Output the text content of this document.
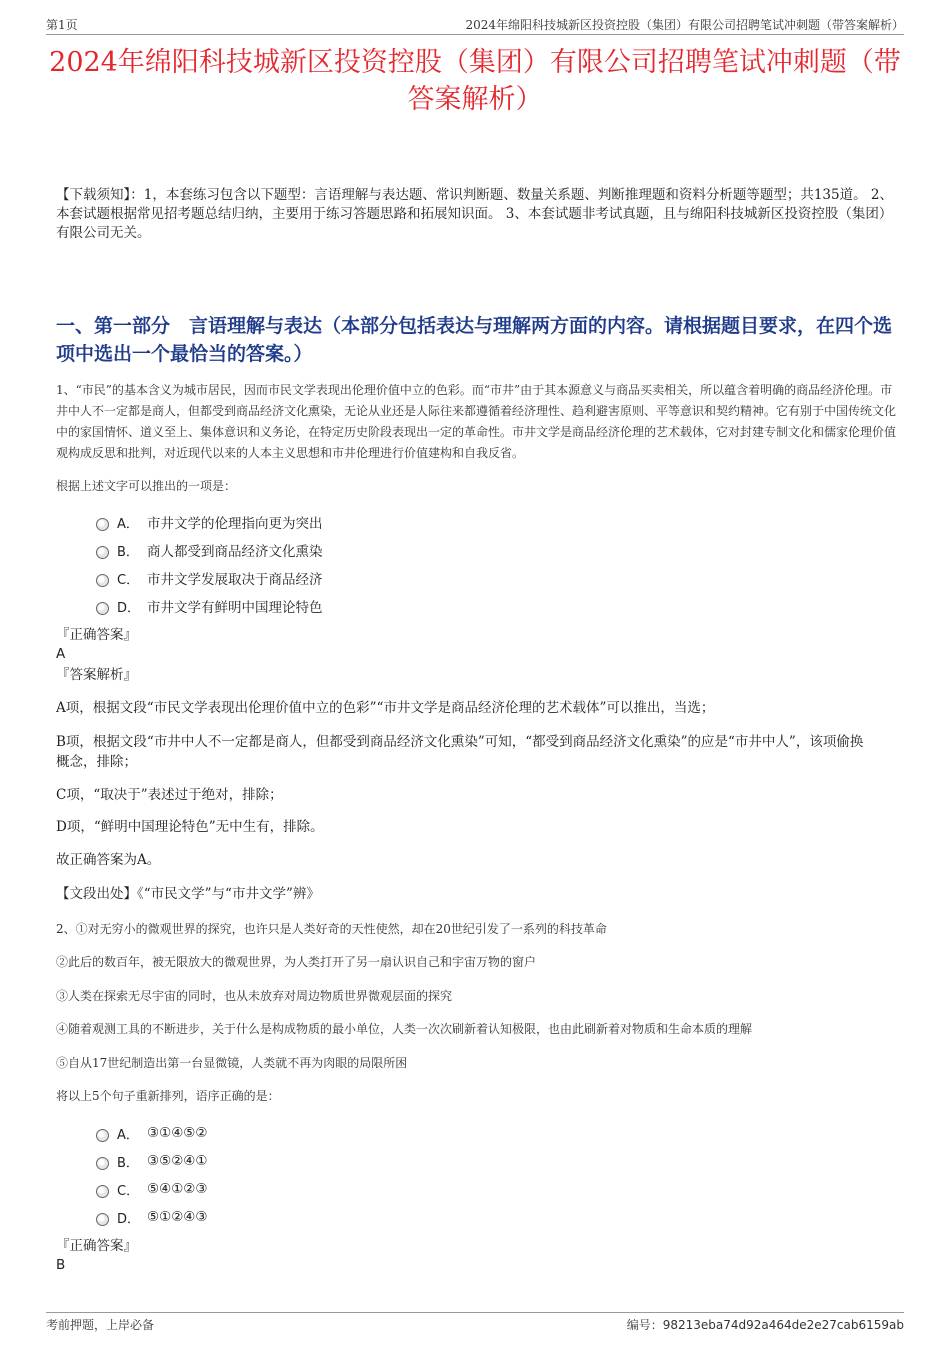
第1页	2024年绵阳科技城新区投资控股（集团）有限公司招聘笔试冲刺题（带答案解析）
2024年绵阳科技城新区投资控股（集团）有限公司招聘笔试冲刺题（带答案解析）

【下载须知】：1，本套练习包含以下题型：言语理解与表达题、常识判断题、数量关系题、判断推理题和资料分析题等题型；共135道。 2、本套试题根据常见招考题总结归纳，主要用于练习答题思路和拓展知识面。 3、本套试题非考试真题，且与绵阳科技城新区投资控股（集团）有限公司无关。

一、第一部分　言语理解与表达（本部分包括表达与理解两方面的内容。请根据题目要求，在四个选项中选出一个最恰当的答案。）

1、“市民”的基本含义为城市居民，因而市民文学表现出伦理价值中立的色彩。而“市井”由于其本源意义与商品买卖相关，所以蕴含着明确的商品经济伦理。市井中人不一定都是商人，但都受到商品经济文化熏染，无论从业还是人际往来都遵循着经济理性、趋利避害原则、平等意识和契约精神。它有别于中国传统文化中的家国情怀、道义至上、集体意识和义务论，在特定历史阶段表现出一定的革命性。市井文学是商品经济伦理的艺术载体，它对封建专制文化和儒家伦理价值观构成反思和批判，对近现代以来的人本主义思想和市井伦理进行价值建构和自我反省。

根据上述文字可以推出的一项是：

A． 市井文学的伦理指向更为突出
B． 商人都受到商品经济文化熏染
C． 市井文学发展取决于商品经济
D． 市井文学有鲜明中国理论特色

『正确答案』

A

『答案解析』

A项，根据文段“市民文学表现出伦理价值中立的色彩”“市井文学是商品经济伦理的艺术载体”可以推出，当选；

B项，根据文段“市井中人不一定都是商人，但都受到商品经济文化熏染”可知，“都受到商品经济文化熏染”的应是“市井中人”，该项偷换概念，排除；

C项，“取决于”表述过于绝对，排除；

D项，“鲜明中国理论特色”无中生有，排除。

故正确答案为A。

【文段出处】《“市民文学”与“市井文学”辨》

2、①对无穷小的微观世界的探究，也许只是人类好奇的天性使然，却在20世纪引发了一系列的科技革命

②此后的数百年，被无限放大的微观世界，为人类打开了另一扇认识自己和宇宙万物的窗户

③人类在探索无尽宇宙的同时，也从未放弃对周边物质世界微观层面的探究

④随着观测工具的不断进步，关于什么是构成物质的最小单位，人类一次次刷新着认知极限，也由此刷新着对物质和生命本质的理解

⑤自从17世纪制造出第一台显微镜，人类就不再为肉眼的局限所困

将以上5个句子重新排列，语序正确的是：

A． ③①④⑤②
B． ③⑤②④①
C． ⑤④①②③
D． ⑤①②④③

『正确答案』

B

考前押题，上岸必备	编号：98213eba74d92a464de2e27cab6159ab
